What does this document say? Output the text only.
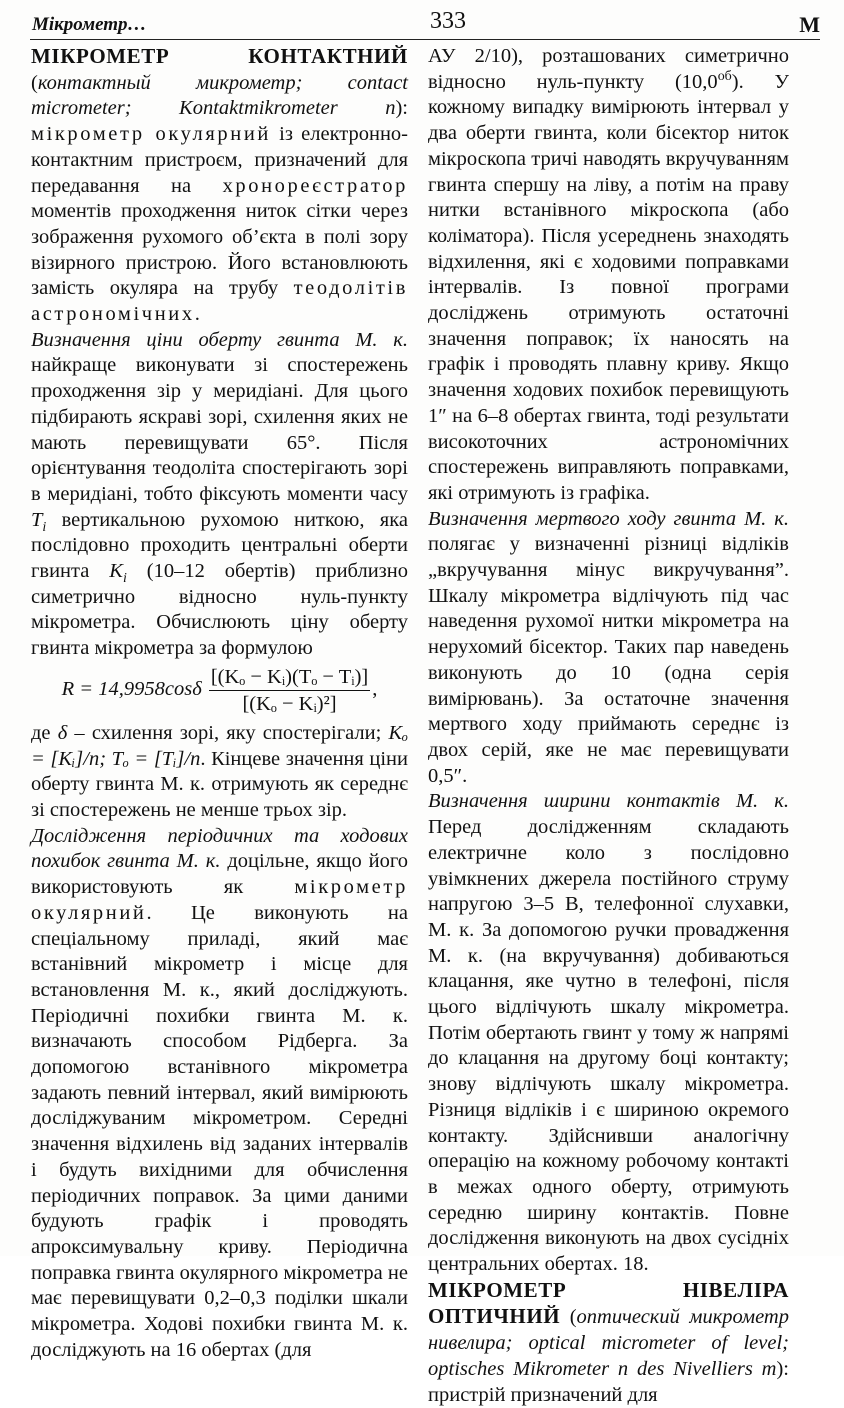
Мікрометр…	333	М

МІКРОМЕТР КОНТАКТНИЙ (контактный микрометр; contact micrometer; Kontaktmikrometer n): мікрометр окулярний із електронно-контактним пристроєм, призначений для передавання на хронореєстратор моментів проходження ниток сітки через зображення рухомого об’єкта в полі зору візирного пристрою. Його встановлюють замість окуляра на трубу теодолітів астрономічних.

Визначення ціни оберту гвинта М. к. найкраще виконувати зі спостережень проходження зір у меридіані. Для цього підбирають яскраві зорі, схилення яких не мають перевищувати 65°. Після орієнтування теодоліта спостерігають зорі в меридіані, тобто фіксують моменти часу $T_i$ вертикальною рухомою ниткою, яка послідовно проходить центральні оберти гвинта $K_i$ (10–12 обертів) приблизно симетрично відносно нуль-пункту мікрометра. Обчислюють ціну оберту гвинта мікрометра за формулою

$R = 14,9958\cos\delta \frac{\text{[(Kₒ − Kᵢ)(Tₒ − Tᵢ)]}}{\text{[(Kₒ − Kᵢ)²]}}$ ,

де δ – схилення зорі, яку спостерігали; Kₒ = [Kᵢ]/n; Tₒ = [Tᵢ]/n. Кінцеве значення ціни оберту гвинта М. к. отримують як середнє зі спостережень не менше трьох зір.

Дослідження періодичних та ходових похибок гвинта М. к. доцільне, якщо його використовують як мікрометр окулярний. Це виконують на спеціальному приладі, який має встанівний мікрометр і місце для встановлення М. к., який досліджують. Періодичні похибки гвинта М. к. визначають способом Рідберга. За допомогою встанівного мікрометра задають певний інтервал, який вимірюють досліджуваним мікрометром. Середні значення відхилень від заданих інтервалів і будуть вихідними для обчислення періодичних поправок. За цими даними будують графік і проводять апроксимувальну криву. Періодична поправка гвинта окулярного мікрометра не має перевищувати 0,2–0,3 поділки шкали мікрометра. Ходові похибки гвинта М. к. досліджують на 16 обертах (для

АУ 2/10), розташованих симетрично відносно нуль-пункту $(10,0^{об})$. У кожному випадку вимірюють інтервал у два оберти гвинта, коли бісектор ниток мікроскопа тричі наводять вкручуванням гвинта спершу на ліву, а потім на праву нитки встанівного мікроскопа (або коліматора). Після усереднень знаходять відхилення, які є ходовими поправками інтервалів. Із повної програми досліджень отримують остаточні значення поправок; їх наносять на графік і проводять плавну криву. Якщо значення ходових похибок перевищують 1″ на 6–8 обертах гвинта, тоді результати високоточних астрономічних спостережень виправляють поправками, які отримують із графіка.

Визначення мертвого ходу гвинта М. к. полягає у визначенні різниці відліків „вкручування мінус викручування”. Шкалу мікрометра відлічують під час наведення рухомої нитки мікрометра на нерухомий бісектор. Таких пар наведень виконують до 10 (одна серія вимірювань). За остаточне значення мертвого ходу приймають середнє із двох серій, яке не має перевищувати 0,5″.

Визначення ширини контактів М. к. Перед дослідженням складають електричне коло з послідовно увімкнених джерела постійного струму напругою 3–5 В, телефонної слухавки, М. к. За допомогою ручки провадження М. к. (на вкручування) добиваються клацання, яке чутно в телефоні, після цього відлічують шкалу мікрометра. Потім обертають гвинт у тому ж напрямі до клацання на другому боці контакту; знову відлічують шкалу мікрометра. Різниця відліків і є шириною окремого контакту. Здійснивши аналогічну операцію на кожному робочому контакті в межах одного оберту, отримують середню ширину контактів. Повне дослідження виконують на двох сусідніх центральних обертах. 18.

МІКРОМЕТР НІВЕЛІРА ОПТИЧНИЙ (оптический микрометр нивелира; optical micrometer of level; optisches Mikrometer n des Nivelliers m): пристрій призначений для
